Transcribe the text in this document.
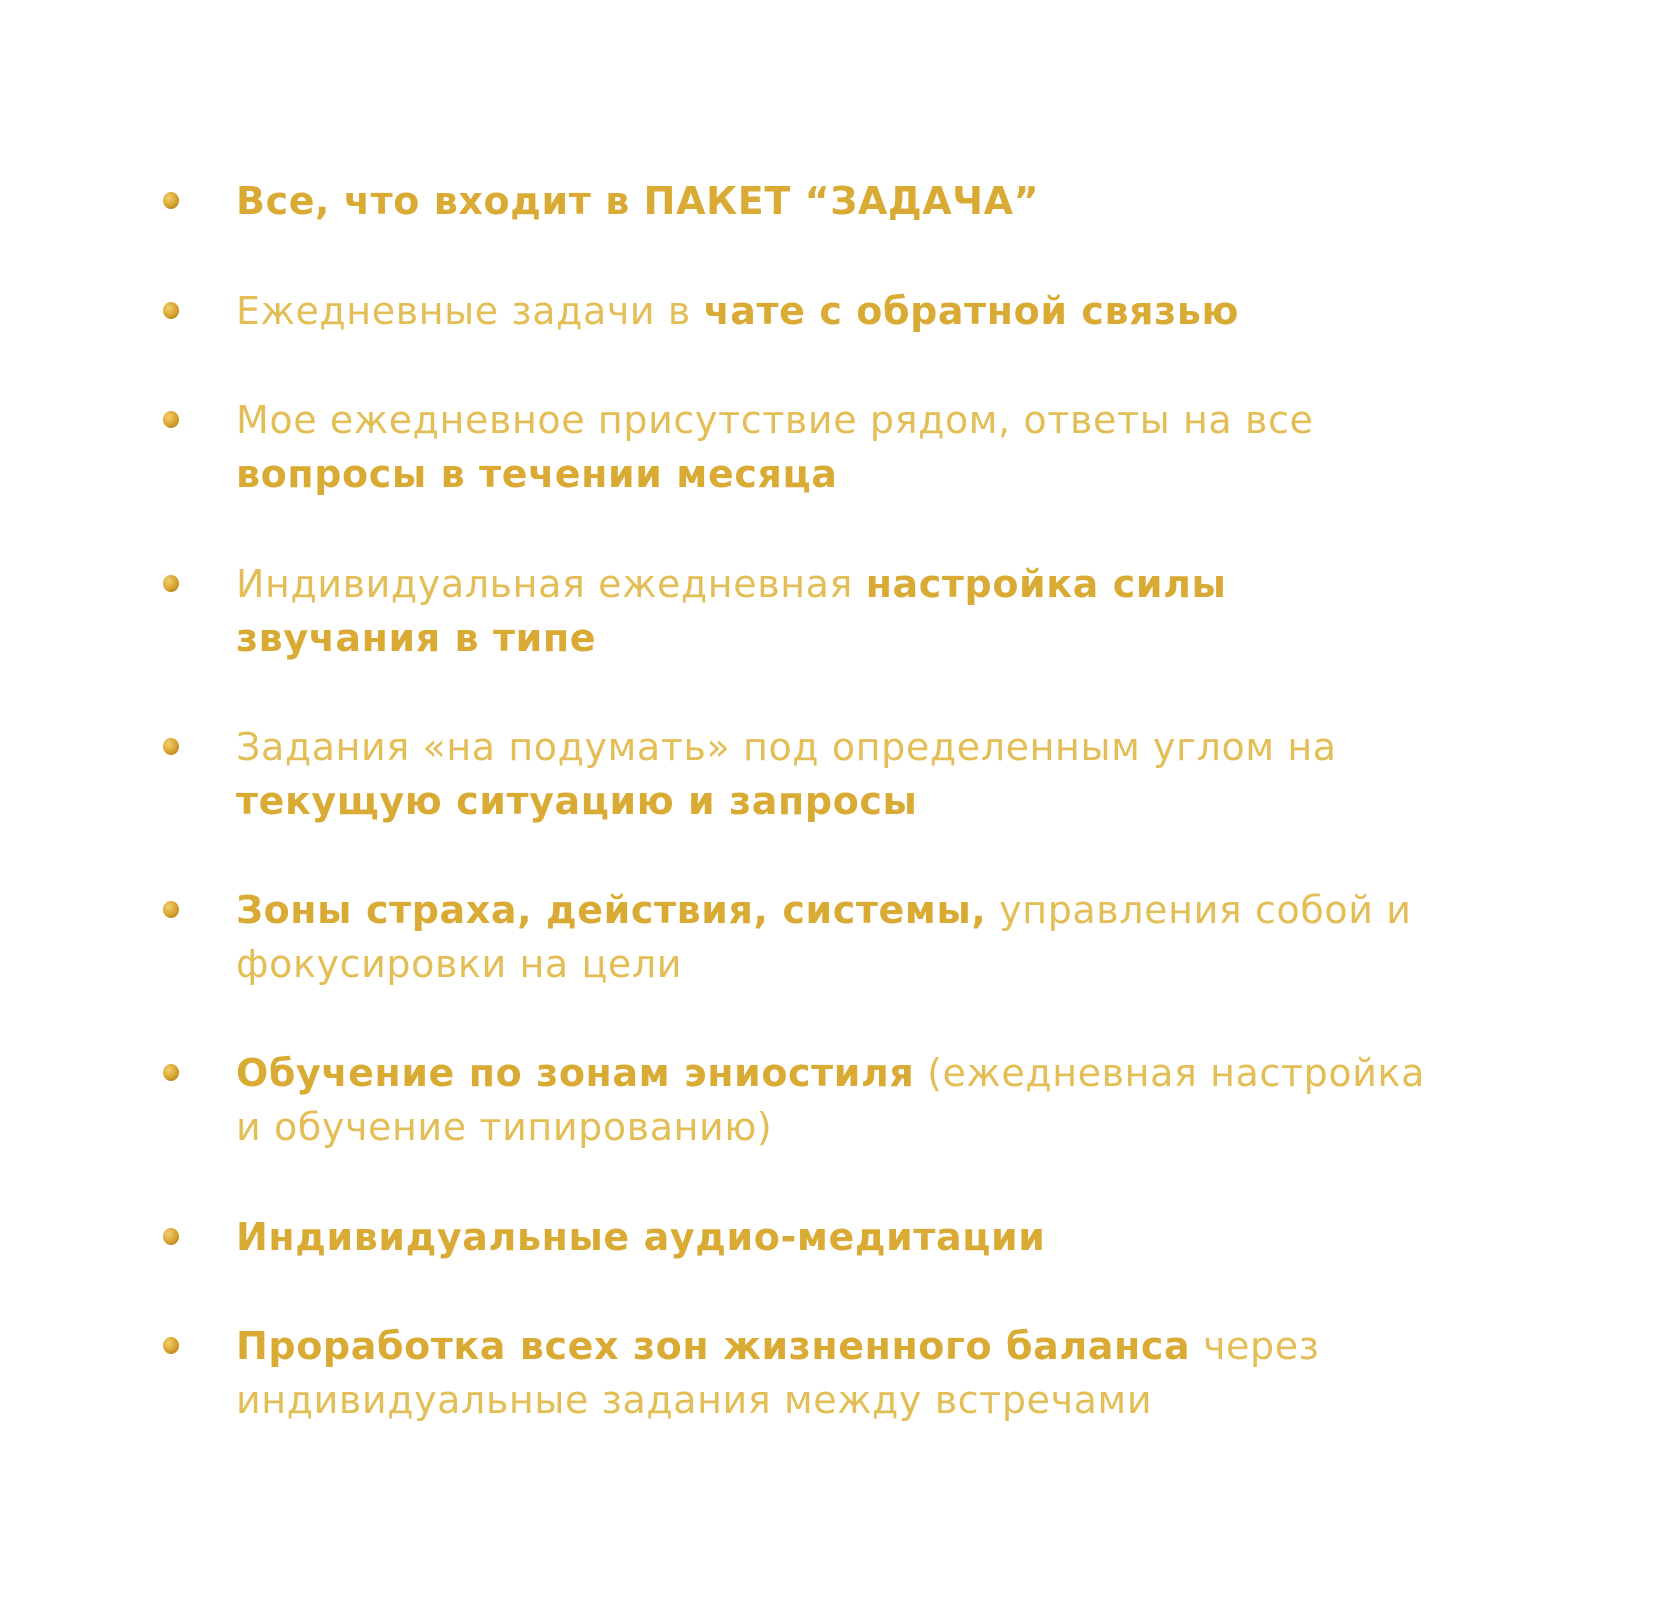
Все, что входит в ПАКЕТ “ЗАДАЧА”
Ежедневные задачи в чате с обратной связью
Мое ежедневное присутствие рядом, ответы на все
вопросы в течении месяца
Индивидуальная ежедневная настройка силы
звучания в типе
Задания «на подумать» под определенным углом на
текущую ситуацию и запросы
Зоны страха, действия, системы, управления собой и
фокусировки на цели
Обучение по зонам эниостиля (ежедневная настройка
и обучение типированию)
Индивидуальные аудио-медитации
Проработка всех зон жизненного баланса через
индивидуальные задания между встречами
